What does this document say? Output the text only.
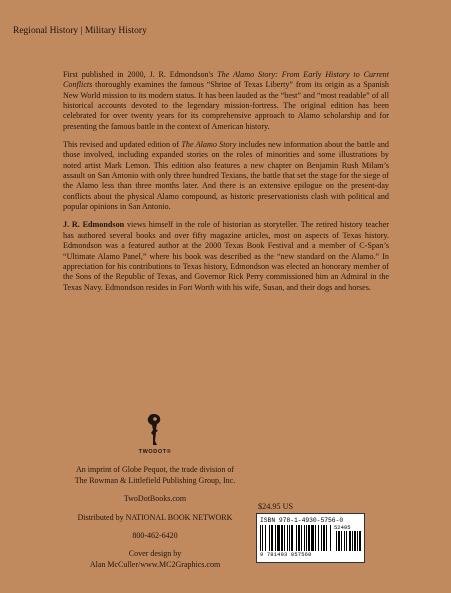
Regional History | Military History

First published in 2000, J. R. Edmondson's The Alamo Story: From Early History to Current Conflicts thoroughly examines the famous “Shrine of Texas Liberty” from its origin as a Spanish New World mission to its modern status. It has been lauded as the “best” and “most readable” of all historical accounts devoted to the legendary mission-fortress. The original edition has been celebrated for over twenty years for its comprehensive approach to Alamo scholarship and for presenting the famous battle in the context of American history.

This revised and updated edition of The Alamo Story includes new information about the battle and those involved, including expanded stories on the roles of minorities and some illustrations by noted artist Mark Lemon. This edition also features a new chapter on Benjamin Rush Milam’s assault on San Antonio with only three hundred Texians, the battle that set the stage for the siege of the Alamo less than three months later. And there is an extensive epilogue on the present-day conflicts about the physical Alamo compound, as historic preservationists clash with political and popular opinions in San Antonio.

J. R. Edmondson views himself in the role of historian as storyteller. The retired history teacher has authored several books and over fifty magazine articles, most on aspects of Texas history. Edmondson was a featured author at the 2000 Texas Book Festival and a member of C-Span’s “Ultimate Alamo Panel,” where his book was described as the “new standard on the Alamo.” In appreciation for his contributions to Texas history, Edmondson was elected an honorary member of the Sons of the Republic of Texas, and Governor Rick Perry commissioned him an Admiral in the Texas Navy. Edmondson resides in Fort Worth with his wife, Susan, and their dogs and horses.

TWODOT®
An imprint of Globe Pequot, the trade division of
The Rowman & Littlefield Publishing Group, Inc.
TwoDotBooks.com
Distributed by NATIONAL BOOK NETWORK
800-462-6420
Cover design by
Alan McCuller/www.MC2Graphics.com
$24.95 US
ISBN 978-1-4930-5756-0
52495
9 781493 057560
